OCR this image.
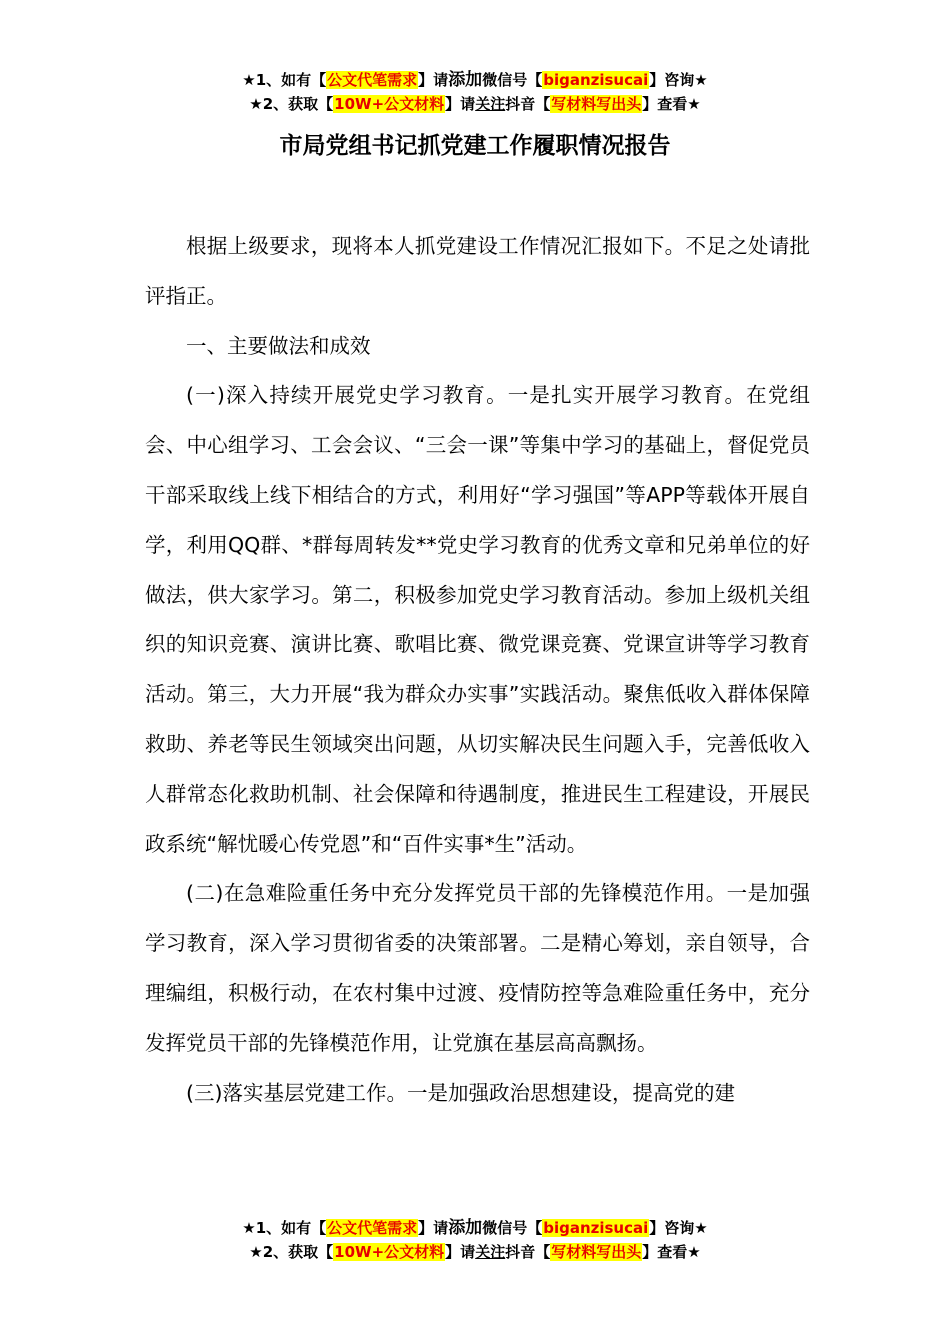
★1、如有【公文代笔需求】请添加微信号【biganzisucai】咨询★
★2、获取【10W+公文材料】请关注抖音【写材料写出头】查看★
市局党组书记抓党建工作履职情况报告

根据上级要求，现将本人抓党建设工作情况汇报如下。不足之处请批评指正。

一、主要做法和成效

(一)深入持续开展党史学习教育。一是扎实开展学习教育。在党组会、中心组学习、工会会议、“三会一课”等集中学习的基础上，督促党员干部采取线上线下相结合的方式，利用好“学习强国”等APP等载体开展自学，利用QQ群、*群每周转发**党史学习教育的优秀文章和兄弟单位的好做法，供大家学习。第二，积极参加党史学习教育活动。参加上级机关组织的知识竞赛、演讲比赛、歌唱比赛、微党课竞赛、党课宣讲等学习教育活动。第三，大力开展“我为群众办实事”实践活动。聚焦低收入群体保障救助、养老等民生领域突出问题，从切实解决民生问题入手，完善低收入人群常态化救助机制、社会保障和待遇制度，推进民生工程建设，开展民政系统“解忧暖心传党恩”和“百件实事*生”活动。

(二)在急难险重任务中充分发挥党员干部的先锋模范作用。一是加强学习教育，深入学习贯彻省委的决策部署。二是精心筹划，亲自领导，合理编组，积极行动，在农村集中过渡、疫情防控等急难险重任务中，充分发挥党员干部的先锋模范作用，让党旗在基层高高飘扬。

(三)落实基层党建工作。一是加强政治思想建设，提高党的建

★1、如有【公文代笔需求】请添加微信号【biganzisucai】咨询★
★2、获取【10W+公文材料】请关注抖音【写材料写出头】查看★
